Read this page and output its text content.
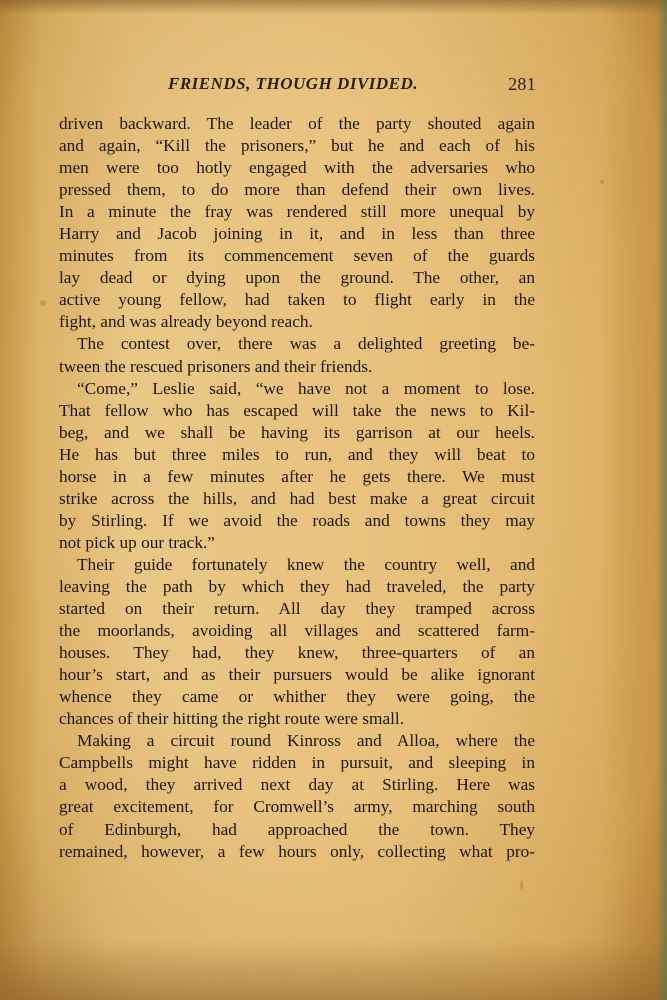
FRIENDS, THOUGH DIVIDED.	281
driven backward. The leader of the party shouted again
and again, “Kill the prisoners,” but he and each of his
men were too hotly engaged with the adversaries who
pressed them, to do more than defend their own lives.
In a minute the fray was rendered still more unequal by
Harry and Jacob joining in it, and in less than three
minutes from its commencement seven of the guards
lay dead or dying upon the ground. The other, an
active young fellow, had taken to flight early in the
fight, and was already beyond reach.
The contest over, there was a delighted greeting be-
tween the rescued prisoners and their friends.
“Come,” Leslie said, “we have not a moment to lose.
That fellow who has escaped will take the news to Kil-
beg, and we shall be having its garrison at our heels.
He has but three miles to run, and they will beat to
horse in a few minutes after he gets there. We must
strike across the hills, and had best make a great circuit
by Stirling. If we avoid the roads and towns they may
not pick up our track.”
Their guide fortunately knew the country well, and
leaving the path by which they had traveled, the party
started on their return. All day they tramped across
the moorlands, avoiding all villages and scattered farm-
houses. They had, they knew, three-quarters of an
hour’s start, and as their pursuers would be alike ignorant
whence they came or whither they were going, the
chances of their hitting the right route were small.
Making a circuit round Kinross and Alloa, where the
Campbells might have ridden in pursuit, and sleeping in
a wood, they arrived next day at Stirling. Here was
great excitement, for Cromwell’s army, marching south
of Edinburgh, had approached the town. They
remained, however, a few hours only, collecting what pro-
